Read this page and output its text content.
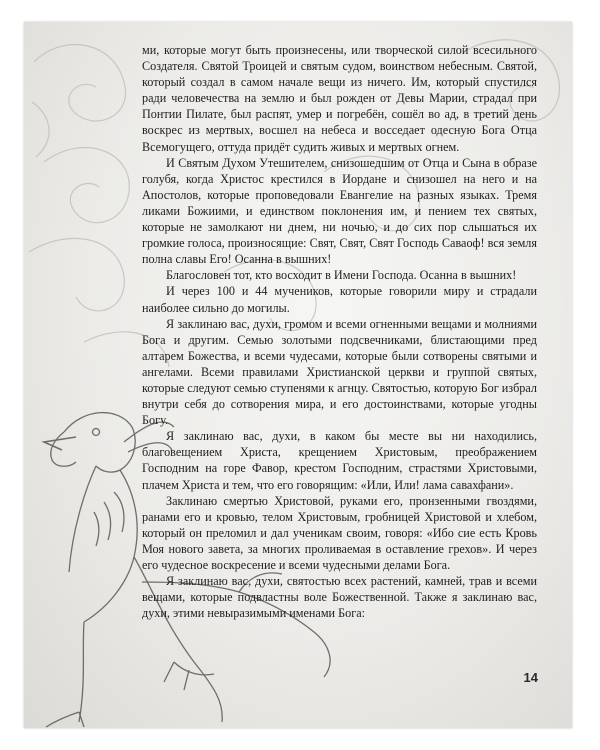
ми, которые могут быть произнесены, или творческой силой всесильного Создателя. Святой Троицей и святым судом, воинством небесным. Святой, который создал в самом начале вещи из ничего. Им, который спустился ради человечества на землю и был рожден от Девы Марии, страдал при Понтии Пилате, был распят, умер и погребён, сошёл во ад, в третий день воскрес из мертвых, восшел на небеса и восседает одесную Бога Отца Всемогущего, оттуда придёт судить живых и мертвых огнем.

И Святым Духом Утешителем, снизошедшим от Отца и Сына в образе голубя, когда Христос крестился в Иордане и снизошел на него и на Апостолов, которые проповедовали Евангелие на разных языках. Тремя ликами Божиими, и единством поклонения им, и пением тех святых, которые не замолкают ни днем, ни ночью, и до сих пор слышаться их громкие голоса, произносящие: Свят, Свят, Свят Господь Саваоф! вся земля полна славы Его! Осанна в вышних!

Благословен тот, кто восходит в Имени Господа. Осанна в вышних!

И через 100 и 44 мучеников, которые говорили миру и страдали наиболее сильно до могилы.

Я заклинаю вас, духи, громом и всеми огненными вещами и молниями Бога и другим. Семью золотыми подсвечниками, блистающими пред алтарем Божества, и всеми чудесами, которые были сотворены святыми и ангелами. Всеми правилами Христианской церкви и группой святых, которые следуют семью ступенями к агнцу. Святостью, которую Бог избрал внутри себя до сотворения мира, и его достоинствами, которые угодны Богу.

Я заклинаю вас, духи, в каком бы месте вы ни находились, благовещением Христа, крещением Христовым, преображением Господним на горе Фавор, крестом Господним, страстями Христовыми, плачем Христа и тем, что его говорящим: «Или, Или! лама савахфани».

Заклинаю смертью Христовой, руками его, пронзенными гвоздями, ранами его и кровью, телом Христовым, гробницей Христовой и хлебом, который он преломил и дал ученикам своим, говоря: «Ибо сие есть Кровь Моя нового завета, за многих проливаемая в оставление грехов». И через его чудесное воскресение и всеми чудесными делами Бога.

Я заклинаю вас, духи, святостью всех растений, камней, трав и всеми вещами, которые подвластны воле Божественной. Также я заклинаю вас, духи, этими невыразимыми именами Бога:

14
